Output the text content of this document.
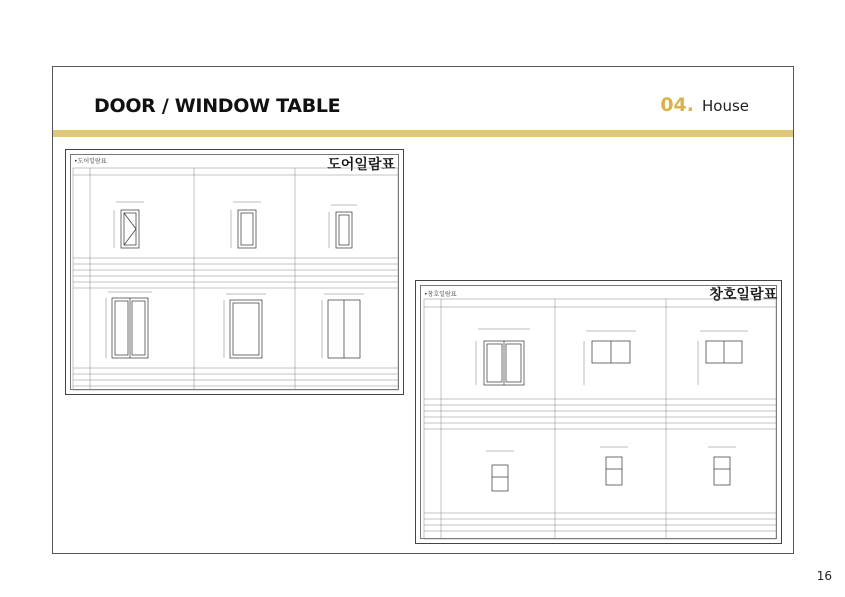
DOOR / WINDOW TABLE	04. House
•도어일람표	도어일람표
•창호일람표	창호일람표
16
